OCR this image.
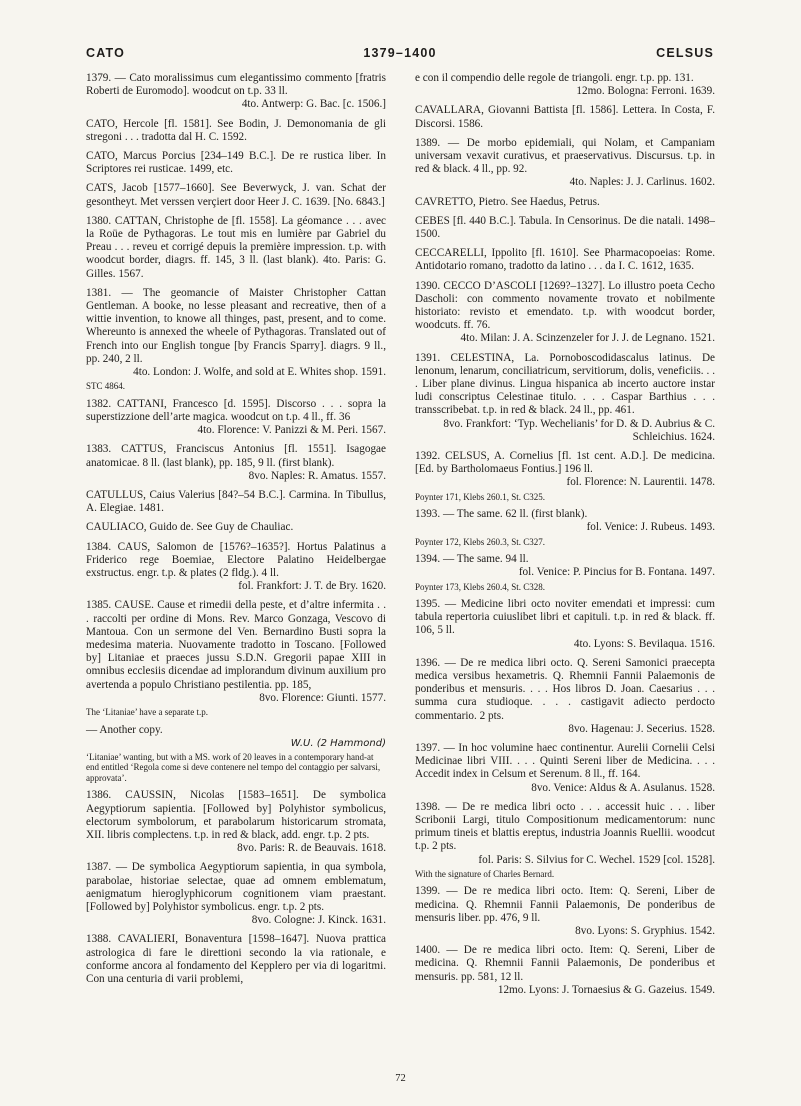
CATO	1379–1400	CELSUS
1379. — Cato moralissimus cum elegantissimo commento [fratris Roberti de Euromodo]. woodcut on t.p. 33 ll.
4to. Antwerp: G. Bac. [c. 1506.]
CATO, Hercole [fl. 1581]. See Bodin, J. Demonomania de gli stregoni . . . tradotta dal H. C. 1592.
CATO, Marcus Porcius [234–149 B.C.]. De re rustica liber. In Scriptores rei rusticae. 1499, etc.
CATS, Jacob [1577–1660]. See Beverwyck, J. van. Schat der gesontheyt. Met verssen verçiert door Heer J. C. 1639. [No. 6843.]
1380. CATTAN, Christophe de [fl. 1558]. La géomance . . . avec la Roüe de Pythagoras. Le tout mis en lumière par Gabriel du Preau . . . reveu et corrigé depuis la première impression. t.p. with woodcut border, diagrs. ff. 145, 3 ll. (last blank). 4to. Paris: G. Gilles. 1567.
1381. — The geomancie of Maister Christopher Cattan Gentleman. A booke, no lesse pleasant and recreative, then of a wittie invention, to knowe all thinges, past, present, and to come. Whereunto is annexed the wheele of Pythagoras. Translated out of French into our English tongue [by Francis Sparry]. diagrs. 9 ll., pp. 240, 2 ll.
4to. London: J. Wolfe, and sold at E. Whites shop. 1591.
STC 4864.
1382. CATTANI, Francesco [d. 1595]. Discorso . . . sopra la superstizzione dell’arte magica. woodcut on t.p. 4 ll., ff. 36
4to. Florence: V. Panizzi & M. Peri. 1567.
1383. CATTUS, Franciscus Antonius [fl. 1551]. Isagogae anatomicae. 8 ll. (last blank), pp. 185, 9 ll. (first blank).
8vo. Naples: R. Amatus. 1557.
CATULLUS, Caius Valerius [84?–54 B.C.]. Carmina. In Tibullus, A. Elegiae. 1481.
CAULIACO, Guido de. See Guy de Chauliac.
1384. CAUS, Salomon de [1576?–1635?]. Hortus Palatinus a Friderico rege Boemiae, Electore Palatino Heidelbergae exstructus. engr. t.p. & plates (2 fldg.). 4 ll.
fol. Frankfort: J. T. de Bry. 1620.
1385. CAUSE. Cause et rimedii della peste, et d’altre infermita . . . raccolti per ordine di Mons. Rev. Marco Gonzaga, Vescovo di Mantoua. Con un sermone del Ven. Bernardino Busti sopra la medesima materia. Nuovamente tradotto in Toscano. [Followed by] Litaniae et praeces jussu S.D.N. Gregorii papae XIII in omnibus ecclesiis dicendae ad implorandum divinum auxilium pro avertenda a populo Christiano pestilentia. pp. 185,
8vo. Florence: Giunti. 1577.
The ‘Litaniae’ have a separate t.p.
— Another copy.
W.U. (2 Hammond)
‘Litaniae’ wanting, but with a MS. work of 20 leaves in a contemporary hand-at end entitled ‘Regola come si deve contenere nel tempo del contaggio per salvarsi, approvata’.
1386. CAUSSIN, Nicolas [1583–1651]. De symbolica Aegyptiorum sapientia. [Followed by] Polyhistor symbolicus, electorum symbolorum, et parabolarum historicarum stromata, XII. libris complectens. t.p. in red & black, add. engr. t.p. 2 pts.
8vo. Paris: R. de Beauvais. 1618.
1387. — De symbolica Aegyptiorum sapientia, in qua symbola, parabolae, historiae selectae, quae ad omnem emblematum, aenigmatum hieroglyphicorum cognitionem viam praestant. [Followed by] Polyhistor symbolicus. engr. t.p. 2 pts.
8vo. Cologne: J. Kinck. 1631.
1388. CAVALIERI, Bonaventura [1598–1647]. Nuova prattica astrologica di fare le direttioni secondo la via rationale, e conforme ancora al fondamento del Kepplero per via di logaritmi. Con una centuria di varii problemi,
e con il compendio delle regole de triangoli. engr. t.p. pp. 131.
12mo. Bologna: Ferroni. 1639.
CAVALLARA, Giovanni Battista [fl. 1586]. Lettera. In Costa, F. Discorsi. 1586.
1389. — De morbo epidemiali, qui Nolam, et Campaniam universam vexavit curativus, et praeservativus. Discursus. t.p. in red & black. 4 ll., pp. 92.
4to. Naples: J. J. Carlinus. 1602.
CAVRETTO, Pietro. See Haedus, Petrus.
CEBES [fl. 440 B.C.]. Tabula. In Censorinus. De die natali. 1498–1500.
CECCARELLI, Ippolito [fl. 1610]. See Pharmacopoeias: Rome. Antidotario romano, tradotto da latino . . . da I. C. 1612, 1635.
1390. CECCO D’ASCOLI [1269?–1327]. Lo illustro poeta Cecho Dascholi: con commento novamente trovato et nobilmente historiato: revisto et emendato. t.p. with woodcut border, woodcuts. ff. 76.
4to. Milan: J. A. Scinzenzeler for J. J. de Legnano. 1521.
1391. CELESTINA, La. Pornoboscodidascalus latinus. De lenonum, lenarum, conciliatricum, servitiorum, dolis, veneficiis. . . . Liber plane divinus. Lingua hispanica ab incerto auctore instar ludi conscriptus Celestinae titulo. . . . Caspar Barthius . . . transscribebat. t.p. in red & black. 24 ll., pp. 461.
8vo. Frankfort: ‘Typ. Wechelianis’ for D. & D. Aubrius & C. Schleichius. 1624.
1392. CELSUS, A. Cornelius [fl. 1st cent. A.D.]. De medicina. [Ed. by Bartholomaeus Fontius.] 196 ll.
fol. Florence: N. Laurentii. 1478.
Poynter 171, Klebs 260.1, St. C325.
1393. — The same. 62 ll. (first blank).
fol. Venice: J. Rubeus. 1493.
Poynter 172, Klebs 260.3, St. C327.
1394. — The same. 94 ll.
fol. Venice: P. Pincius for B. Fontana. 1497.
Poynter 173, Klebs 260.4, St. C328.
1395. — Medicine libri octo noviter emendati et impressi: cum tabula repertoria cuiuslibet libri et capituli. t.p. in red & black. ff. 106, 5 ll.
4to. Lyons: S. Bevilaqua. 1516.
1396. — De re medica libri octo. Q. Sereni Samonici praecepta medica versibus hexametris. Q. Rhemnii Fannii Palaemonis de ponderibus et mensuris. . . . Hos libros D. Joan. Caesarius . . . summa cura studioque. . . . castigavit adiecto perdocto commentario. 2 pts.
8vo. Hagenau: J. Secerius. 1528.
1397. — In hoc volumine haec continentur. Aurelii Cornelii Celsi Medicinae libri VIII. . . . Quinti Sereni liber de Medicina. . . . Accedit index in Celsum et Serenum. 8 ll., ff. 164.
8vo. Venice: Aldus & A. Asulanus. 1528.
1398. — De re medica libri octo . . . accessit huic . . . liber Scribonii Largi, titulo Compositionum medicamentorum: nunc primum tineis et blattis ereptus, industria Joannis Ruellii. woodcut t.p. 2 pts.
fol. Paris: S. Silvius for C. Wechel. 1529 [col. 1528].
With the signature of Charles Bernard.
1399. — De re medica libri octo. Item: Q. Sereni, Liber de medicina. Q. Rhemnii Fannii Palaemonis, De ponderibus de mensuris liber. pp. 476, 9 ll.
8vo. Lyons: S. Gryphius. 1542.
1400. — De re medica libri octo. Item: Q. Sereni, Liber de medicina. Q. Rhemnii Fannii Palaemonis, De ponderibus et mensuris. pp. 581, 12 ll.
12mo. Lyons: J. Tornaesius & G. Gazeius. 1549.
72
